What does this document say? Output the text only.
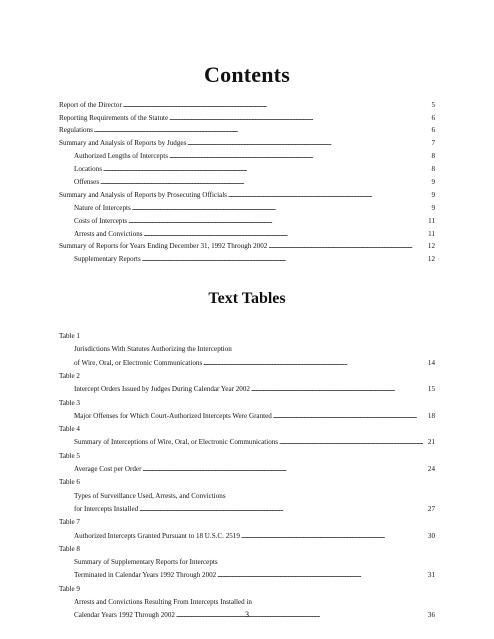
Contents
Report of the Director . . .	5
Reporting Requirements of the Statute . . .	6
Regulations . . .	6
Summary and Analysis of Reports by Judges . . .	7
Authorized Lengths of Intercepts . . .	8
Locations . . .	8
Offenses . . .	9
Summary and Analysis of Reports by Prosecuting Officials . . .	9
Nature of Intercepts . . .	9
Costs of Intercepts . . .	11
Arrests and Convictions . . .	11
Summary of Reports for Years Ending December 31, 1992 Through 2002 . . .	12
Supplementary Reports . . .	12
Text Tables
Table 1
Jurisdictions With Statutes Authorizing the Interception
of Wire, Oral, or Electronic Communications . . .	14
Table 2
Intercept Orders Issued by Judges During Calendar Year 2002 . . .	15
Table 3
Major Offenses for Which Court-Authorized Intercepts Were Granted . . .	18
Table 4
Summary of Interceptions of Wire, Oral, or Electronic Communications . . .	21
Table 5
Average Cost per Order . . .	24
Table 6
Types of Surveillance Used, Arrests, and Convictions
for Intercepts Installed . . .	27
Table 7
Authorized Intercepts Granted Pursuant to 18 U.S.C. 2519 . . .	30
Table 8
Summary of Supplementary Reports for Intercepts
Terminated in Calendar Years 1992 Through 2002 . . .	31
Table 9
Arrests and Convictions Resulting From Intercepts Installed in
Calendar Years 1992 Through 2002 . . .	36
3
